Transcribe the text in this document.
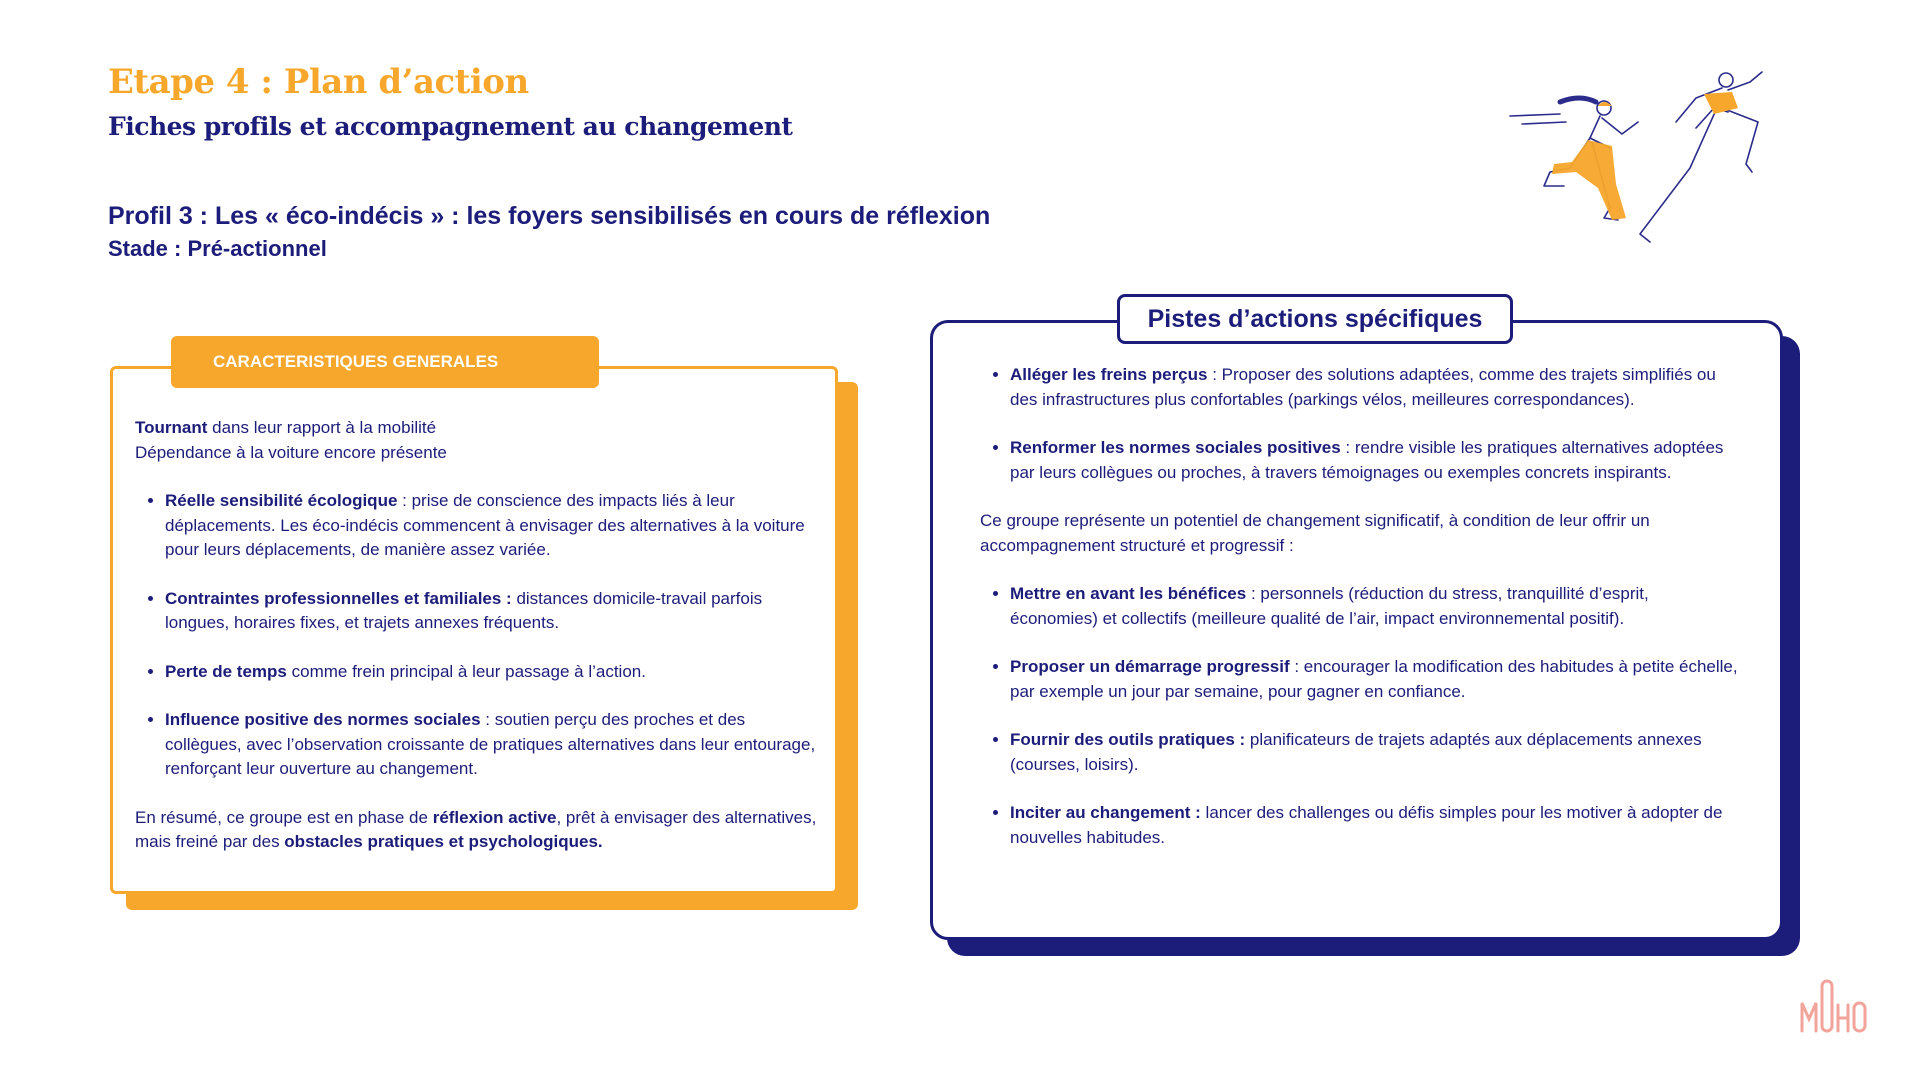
Etape 4 : Plan d’action
Fiches profils et accompagnement au changement
Profil 3 : Les « éco-indécis » : les foyers sensibilisés en cours de réflexion
Stade : Pré-actionnel
CARACTERISTIQUES GENERALES

Tournant dans leur rapport à la mobilité

Dépendance à la voiture encore présente

• Réelle sensibilité écologique : prise de conscience des impacts liés à leur déplacements. Les éco-indécis commencent à envisager des alternatives à la voiture pour leurs déplacements, de manière assez variée.
• Contraintes professionnelles et familiales : distances domicile-travail parfois longues, horaires fixes, et trajets annexes fréquents.
• Perte de temps comme frein principal à leur passage à l’action.
• Influence positive des normes sociales : soutien perçu des proches et des collègues, avec l’observation croissante de pratiques alternatives dans leur entourage, renforçant leur ouverture au changement.

En résumé, ce groupe est en phase de réflexion active, prêt à envisager des alternatives, mais freiné par des obstacles pratiques et psychologiques.

Pistes d’actions spécifiques
• Alléger les freins perçus : Proposer des solutions adaptées, comme des trajets simplifiés ou des infrastructures plus confortables (parkings vélos, meilleures correspondances).
• Renformer les normes sociales positives : rendre visible les pratiques alternatives adoptées par leurs collègues ou proches, à travers témoignages ou exemples concrets inspirants.

Ce groupe représente un potentiel de changement significatif, à condition de leur offrir un accompagnement structuré et progressif :

• Mettre en avant les bénéfices : personnels (réduction du stress, tranquillité d’esprit, économies) et collectifs (meilleure qualité de l’air, impact environnemental positif).
• Proposer un démarrage progressif : encourager la modification des habitudes à petite échelle, par exemple un jour par semaine, pour gagner en confiance.
• Fournir des outils pratiques : planificateurs de trajets adaptés aux déplacements annexes (courses, loisirs).
• Inciter au changement : lancer des challenges ou défis simples pour les motiver à adopter de nouvelles habitudes.
